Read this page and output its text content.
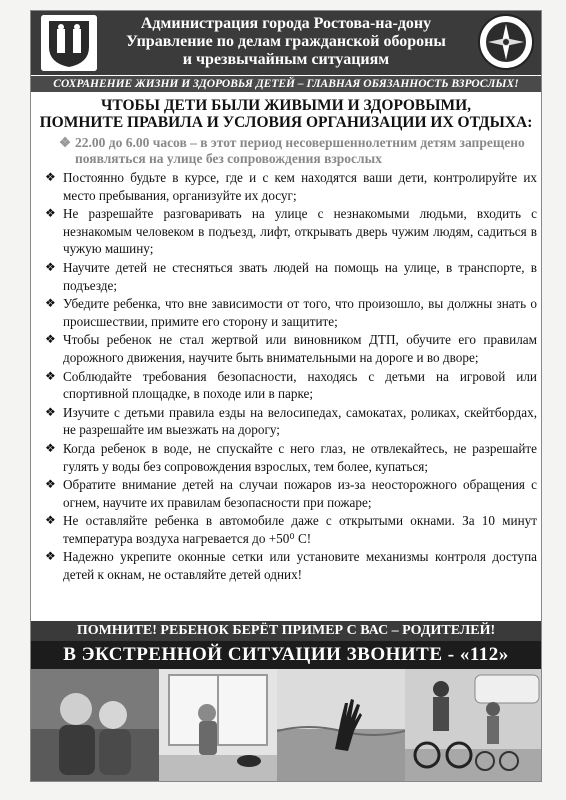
Администрация города Ростова-на-дону
Управление по делам гражданской обороны
и чрезвычайным ситуациям
СОХРАНЕНИЕ ЖИЗНИ И ЗДОРОВЬЯ ДЕТЕЙ – ГЛАВНАЯ ОБЯЗАННОСТЬ ВЗРОСЛЫХ!
ЧТОБЫ ДЕТИ БЫЛИ ЖИВЫМИ И ЗДОРОВЫМИ,
ПОМНИТЕ ПРАВИЛА И УСЛОВИЯ ОРГАНИЗАЦИИ ИХ ОТДЫХА:
❖ 22.00 до 6.00 часов – в этот период несовершеннолетним детям запрещено появляться на улице без сопровождения взрослых
❖ Постоянно будьте в курсе, где и с кем находятся ваши дети, контролируйте их место пребывания, организуйте их досуг;
❖ Не разрешайте разговаривать на улице с незнакомыми людьми, входить с незнакомым человеком в подъезд, лифт, открывать дверь чужим людям, садиться в чужую машину;
❖ Научите детей не стесняться звать людей на помощь на улице, в транспорте, в подъезде;
❖ Убедите ребенка, что вне зависимости от того, что произошло, вы должны знать о происшествии, примите его сторону и защитите;
❖ Чтобы ребенок не стал жертвой или виновником ДТП, обучите его правилам дорожного движения, научите быть внимательными на дороге и во дворе;
❖ Соблюдайте требования безопасности, находясь с детьми на игровой или спортивной площадке, в походе или в парке;
❖ Изучите с детьми правила езды на велосипедах, самокатах, роликах, скейтбордах, не разрешайте им выезжать на дорогу;
❖ Когда ребенок в воде, не спускайте с него глаз, не отвлекайтесь, не разрешайте гулять у воды без сопровождения взрослых, тем более, купаться;
❖ Обратите внимание детей на случаи пожаров из-за неосторожного обращения с огнем, научите их правилам безопасности при пожаре;
❖ Не оставляйте ребенка в автомобиле даже с открытыми окнами. За 10 минут температура воздуха нагревается до +50⁰ С!
❖ Надежно укрепите оконные сетки или установите механизмы контроля доступа детей к окнам, не оставляйте детей одних!
ПОМНИТЕ! РЕБЕНОК БЕРЁТ ПРИМЕР С ВАС – РОДИТЕЛЕЙ!
В ЭКСТРЕННОЙ СИТУАЦИИ ЗВОНИТЕ - «112»
